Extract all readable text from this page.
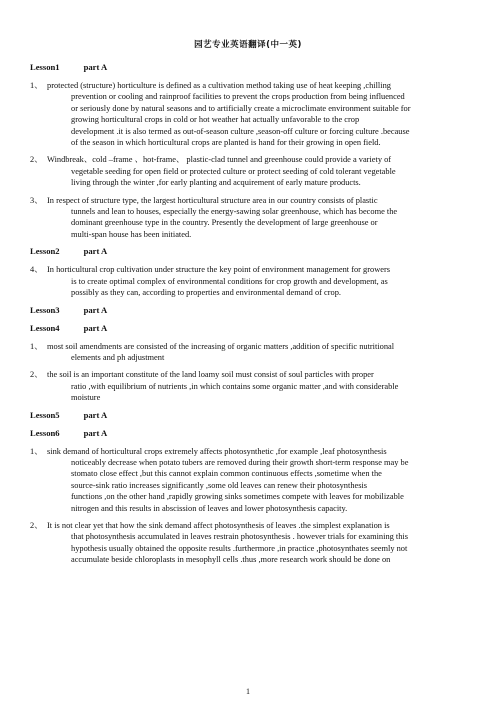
园艺专业英语翻译(中一英)
Lesson1	part A
1、 protected (structure) horticulture is defined as a cultivation method taking use of heat keeping ,chilling
prevention or cooling and rainproof facilities to prevent the crops production from being influenced
or seriously done by natural seasons and to artificially create a microclimate environment suitable for
growing horticultural crops in cold or hot weather hat actually unfavorable to the crop
development .it is also termed as out-of-season culture ,season-off culture or forcing culture .because
of the season in which horticultural crops are planted is hand for their growing in open field.
2、 Windbreak、cold –frame 、hot-frame、 plastic-clad tunnel and greenhouse could provide a variety of
vegetable seeding for open field or protected culture or protect seeding of cold tolerant vegetable
living through the winter ,for early planting and acquirement of early mature products.
3、 In respect of structure type, the largest horticultural structure area in our country consists of plastic
tunnels and lean to houses, especially the energy-sawing solar greenhouse, which has become the
dominant greenhouse type in the country. Presently the development of large greenhouse or
multi-span house has been initiated.
Lesson2	part A
4、 In horticultural crop cultivation under structure the key point of environment management for growers
is to create optimal complex of environmental conditions for crop growth and development, as
possibly as they can, according to properties and environmental demand of crop.
Lesson3	part A
Lesson4	part A
1、 most soil amendments are consisted of the increasing of organic matters ,addition of specific nutritional
elements and ph adjustment
2、 the soil is an important constitute of the land loamy soil must consist of soul particles with proper
ratio ,with equilibrium of nutrients ,in which contains some organic matter ,and with considerable
moisture
Lesson5	part A
Lesson6	part A
1、 sink demand of horticultural crops extremely affects photosynthetic ,for example ,leaf photosynthesis
noticeably decrease when potato tubers are removed during their growth short-term response may be
stomato close effect ,but this cannot explain common continuous effects ,sometime when the
source-sink ratio increases significantly ,some old leaves can renew their photosynthesis
functions ,on the other hand ,rapidly growing sinks sometimes compete with leaves for mobilizable
nitrogen and this results in abscission of leaves and lower photosynthesis capacity.
2、 It is not clear yet that how the sink demand affect photosynthesis of leaves .the simplest explanation is
that photosynthesis accumulated in leaves restrain photosynthesis . however trials for examining this
hypothesis usually obtained the opposite results .furthermore ,in practice ,photosynthates seemly not
accumulate beside chloroplasts in mesophyll cells .thus ,more research work should be done on
1
